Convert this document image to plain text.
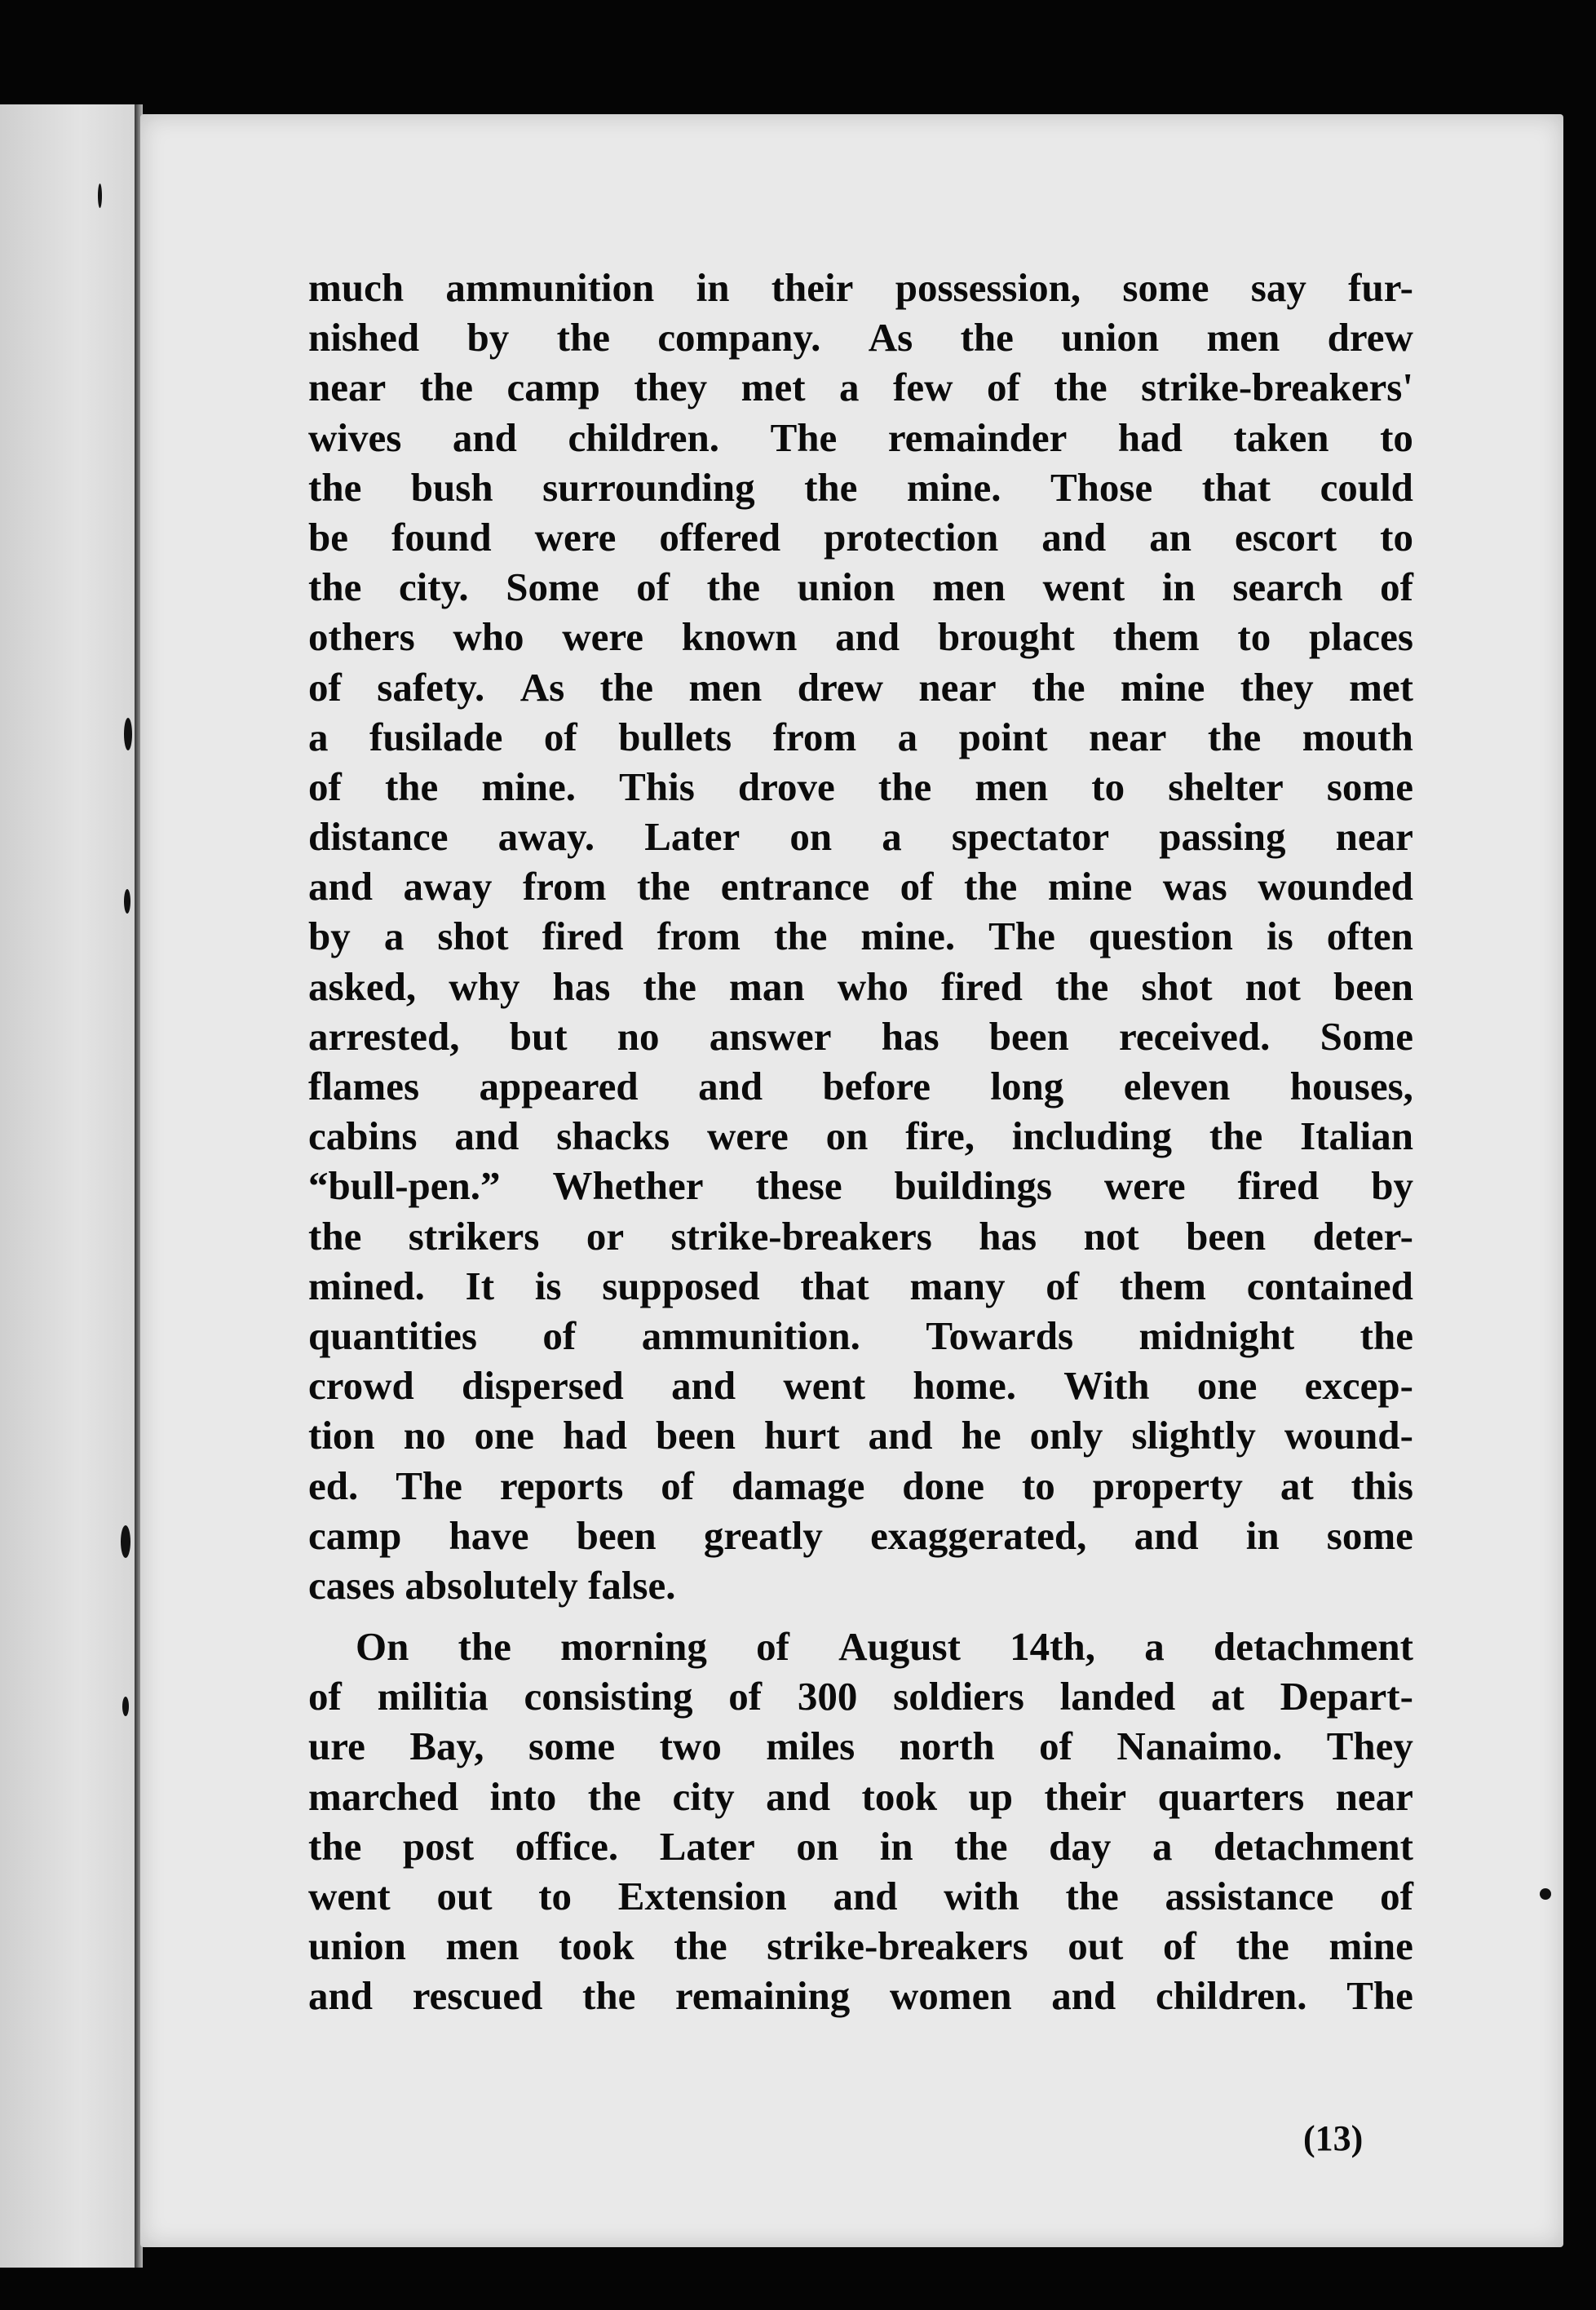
much ammunition in their possession, some say fur-
nished by the company. As the union men drew
near the camp they met a few of the strike-breakers'
wives and children. The remainder had taken to
the bush surrounding the mine. Those that could
be found were offered protection and an escort to
the city. Some of the union men went in search of
others who were known and brought them to places
of safety. As the men drew near the mine they met
a fusilade of bullets from a point near the mouth
of the mine. This drove the men to shelter some
distance away. Later on a spectator passing near
and away from the entrance of the mine was wounded
by a shot fired from the mine. The question is often
asked, why has the man who fired the shot not been
arrested, but no answer has been received. Some
flames appeared and before long eleven houses,
cabins and shacks were on fire, including the Italian
“bull-pen.” Whether these buildings were fired by
the strikers or strike-breakers has not been deter-
mined. It is supposed that many of them contained
quantities of ammunition. Towards midnight the
crowd dispersed and went home. With one excep-
tion no one had been hurt and he only slightly wound-
ed. The reports of damage done to property at this
camp have been greatly exaggerated, and in some
cases absolutely false.
On the morning of August 14th, a detachment
of militia consisting of 300 soldiers landed at Depart-
ure Bay, some two miles north of Nanaimo. They
marched into the city and took up their quarters near
the post office. Later on in the day a detachment
went out to Extension and with the assistance of
union men took the strike-breakers out of the mine
and rescued the remaining women and children. The
(13)
